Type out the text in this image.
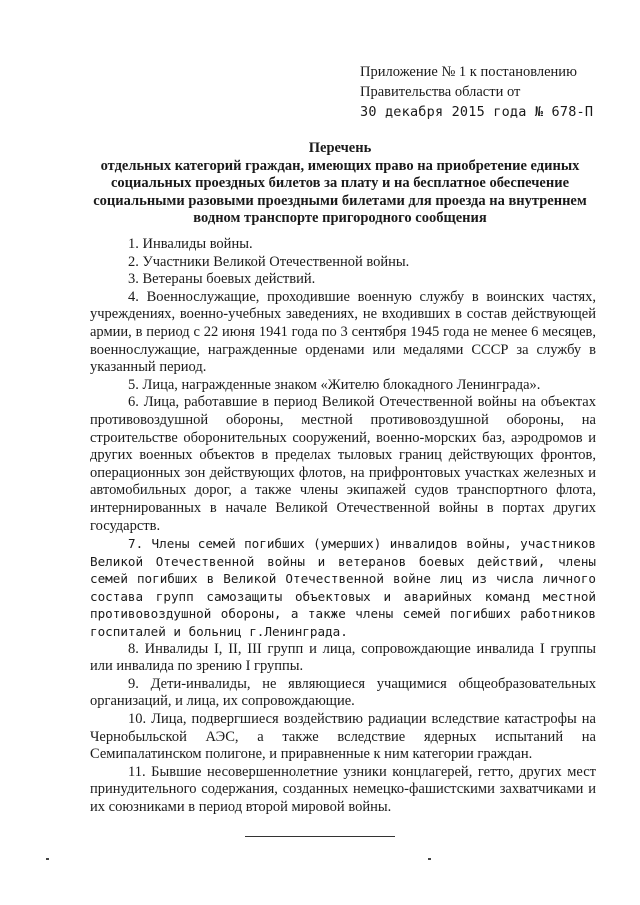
Приложение № 1 к постановлению
Правительства области от
30 декабря 2015 года № 678-П
Перечень
отдельных категорий граждан, имеющих право на приобретение единых социальных проездных билетов за плату и на бесплатное обеспечение социальными разовыми проездными билетами для проезда на внутреннем водном транспорте пригородного сообщения

1. Инвалиды войны.

2. Участники Великой Отечественной войны.

3. Ветераны боевых действий.

4. Военнослужащие, проходившие военную службу в воинских частях, учреждениях, военно-учебных заведениях, не входивших в состав действующей армии, в период с 22 июня 1941 года по 3 сентября 1945 года не менее 6 месяцев, военнослужащие, награжденные орденами или медалями СССР за службу в указанный период.

5. Лица, награжденные знаком «Жителю блокадного Ленинграда».

6. Лица, работавшие в период Великой Отечественной войны на объектах противовоздушной обороны, местной противовоздушной обороны, на строительстве оборонительных сооружений, военно-морских баз, аэродромов и других военных объектов в пределах тыловых границ действующих фронтов, операционных зон действующих флотов, на прифронтовых участках железных и автомобильных дорог, а также члены экипажей судов транспортного флота, интернированных в начале Великой Отечественной войны в портах других государств.

7. Члены семей погибших (умерших) инвалидов войны, участников Великой Отечественной войны и ветеранов боевых действий, члены семей погибших в Великой Отечественной войне лиц из числа личного состава групп самозащиты объектовых и аварийных команд местной противовоздушной обороны, а также члены семей погибших работников госпиталей и больниц г.Ленинграда.

8. Инвалиды I, II, III групп и лица, сопровождающие инвалида I группы или инвалида по зрению I группы.

9. Дети-инвалиды, не являющиеся учащимися общеобразовательных организаций, и лица, их сопровождающие.

10. Лица, подвергшиеся воздействию радиации вследствие катастрофы на Чернобыльской АЭС, а также вследствие ядерных испытаний на Семипалатинском полигоне, и приравненные к ним категории граждан.

11. Бывшие несовершеннолетние узники концлагерей, гетто, других мест принудительного содержания, созданных немецко-фашистскими захватчиками и их союзниками в период второй мировой войны.
